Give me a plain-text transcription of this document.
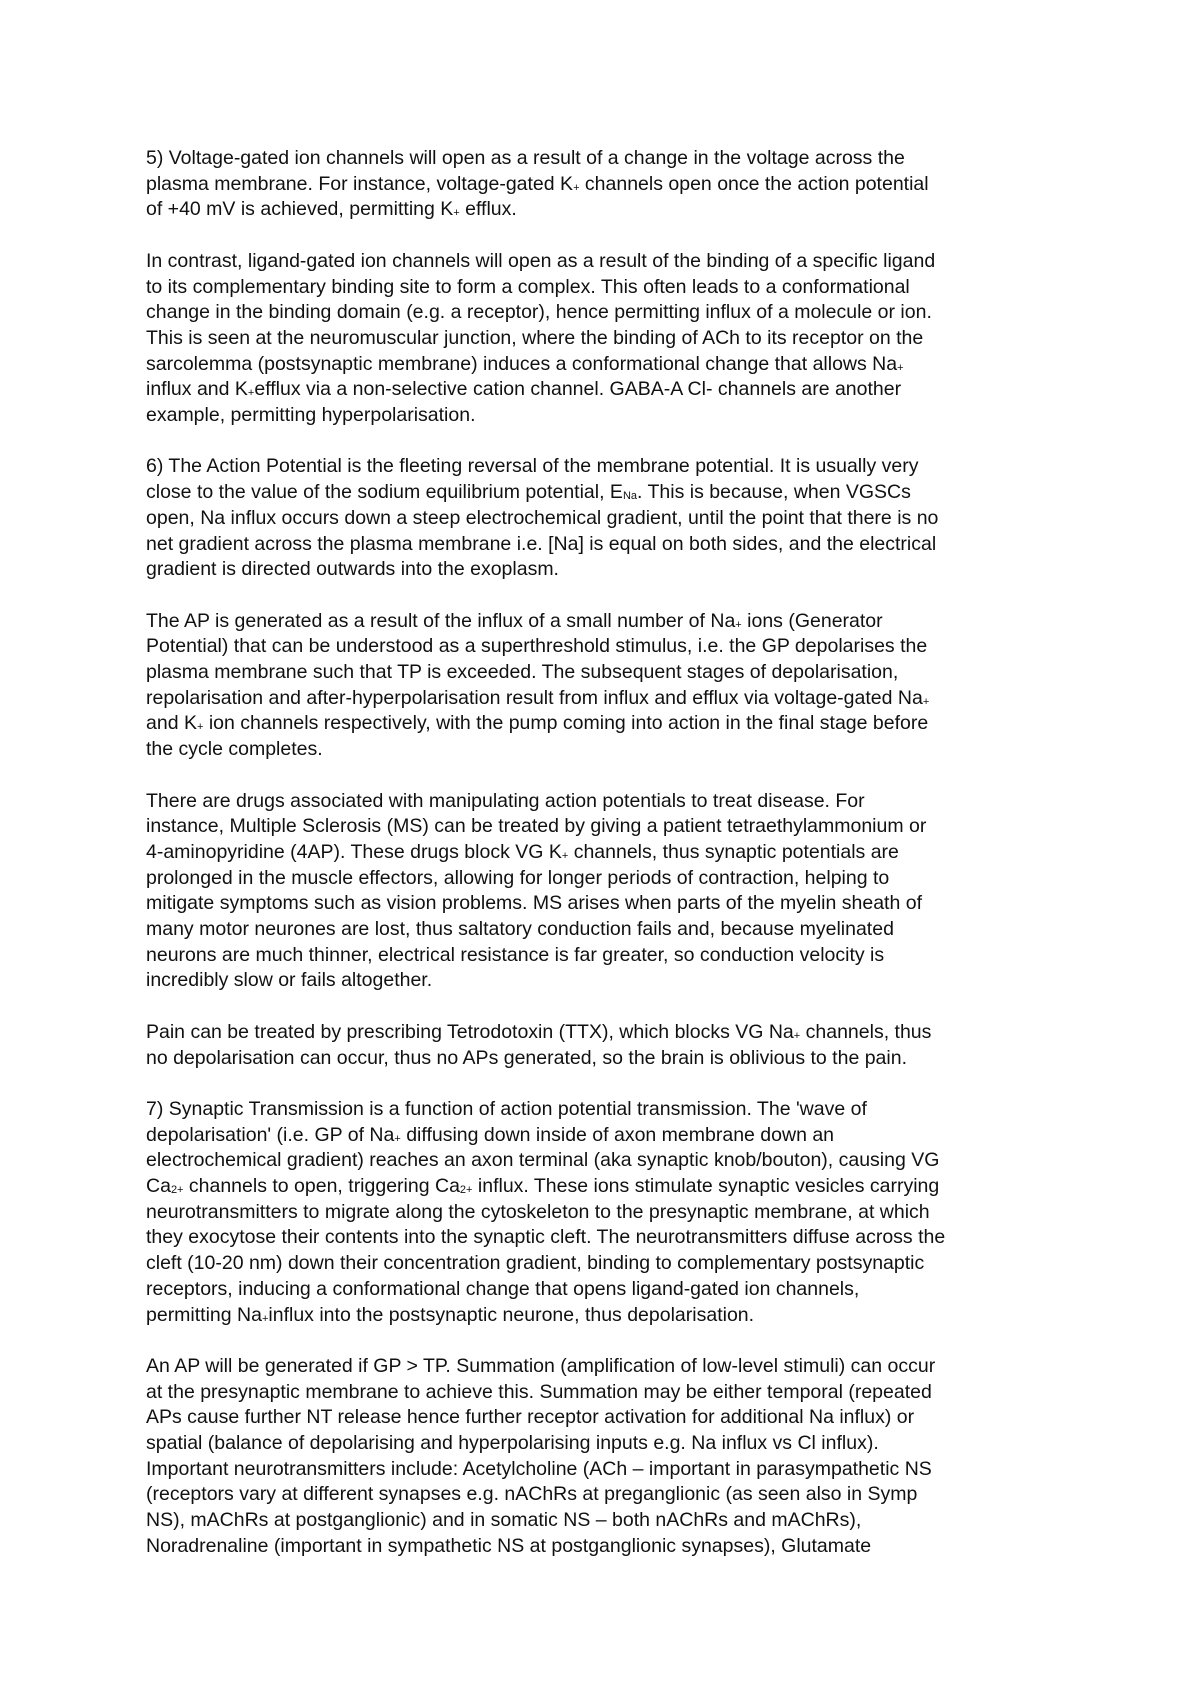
5) Voltage-gated ion channels will open as a result of a change in the voltage across the
plasma membrane. For instance, voltage-gated K+ channels open once the action potential
of +40 mV is achieved, permitting K+ efflux.
In contrast, ligand-gated ion channels will open as a result of the binding of a specific ligand
to its complementary binding site to form a complex. This often leads to a conformational
change in the binding domain (e.g. a receptor), hence permitting influx of a molecule or ion.
This is seen at the neuromuscular junction, where the binding of ACh to its receptor on the
sarcolemma (postsynaptic membrane) induces a conformational change that allows Na+
influx and K+efflux via a non-selective cation channel. GABA-A Cl- channels are another
example, permitting hyperpolarisation.
6) The Action Potential is the fleeting reversal of the membrane potential. It is usually very
close to the value of the sodium equilibrium potential, ENa. This is because, when VGSCs
open, Na influx occurs down a steep electrochemical gradient, until the point that there is no
net gradient across the plasma membrane i.e. [Na] is equal on both sides, and the electrical
gradient is directed outwards into the exoplasm.
The AP is generated as a result of the influx of a small number of Na+ ions (Generator
Potential) that can be understood as a superthreshold stimulus, i.e. the GP depolarises the
plasma membrane such that TP is exceeded. The subsequent stages of depolarisation,
repolarisation and after-hyperpolarisation result from influx and efflux via voltage-gated Na+
and K+ ion channels respectively, with the pump coming into action in the final stage before
the cycle completes.
There are drugs associated with manipulating action potentials to treat disease. For
instance, Multiple Sclerosis (MS) can be treated by giving a patient tetraethylammonium or
4-aminopyridine (4AP). These drugs block VG K+ channels, thus synaptic potentials are
prolonged in the muscle effectors, allowing for longer periods of contraction, helping to
mitigate symptoms such as vision problems. MS arises when parts of the myelin sheath of
many motor neurones are lost, thus saltatory conduction fails and, because myelinated
neurons are much thinner, electrical resistance is far greater, so conduction velocity is
incredibly slow or fails altogether.
Pain can be treated by prescribing Tetrodotoxin (TTX), which blocks VG Na+ channels, thus
no depolarisation can occur, thus no APs generated, so the brain is oblivious to the pain.
7) Synaptic Transmission is a function of action potential transmission. The 'wave of
depolarisation' (i.e. GP of Na+ diffusing down inside of axon membrane down an
electrochemical gradient) reaches an axon terminal (aka synaptic knob/bouton), causing VG
Ca2+ channels to open, triggering Ca2+ influx. These ions stimulate synaptic vesicles carrying
neurotransmitters to migrate along the cytoskeleton to the presynaptic membrane, at which
they exocytose their contents into the synaptic cleft. The neurotransmitters diffuse across the
cleft (10-20 nm) down their concentration gradient, binding to complementary postsynaptic
receptors, inducing a conformational change that opens ligand-gated ion channels,
permitting Na+influx into the postsynaptic neurone, thus depolarisation.
An AP will be generated if GP > TP. Summation (amplification of low-level stimuli) can occur
at the presynaptic membrane to achieve this. Summation may be either temporal (repeated
APs cause further NT release hence further receptor activation for additional Na influx) or
spatial (balance of depolarising and hyperpolarising inputs e.g. Na influx vs Cl influx).
Important neurotransmitters include: Acetylcholine (ACh – important in parasympathetic NS
(receptors vary at different synapses e.g. nAChRs at preganglionic (as seen also in Symp
NS), mAChRs at postganglionic) and in somatic NS – both nAChRs and mAChRs),
Noradrenaline (important in sympathetic NS at postganglionic synapses), Glutamate
